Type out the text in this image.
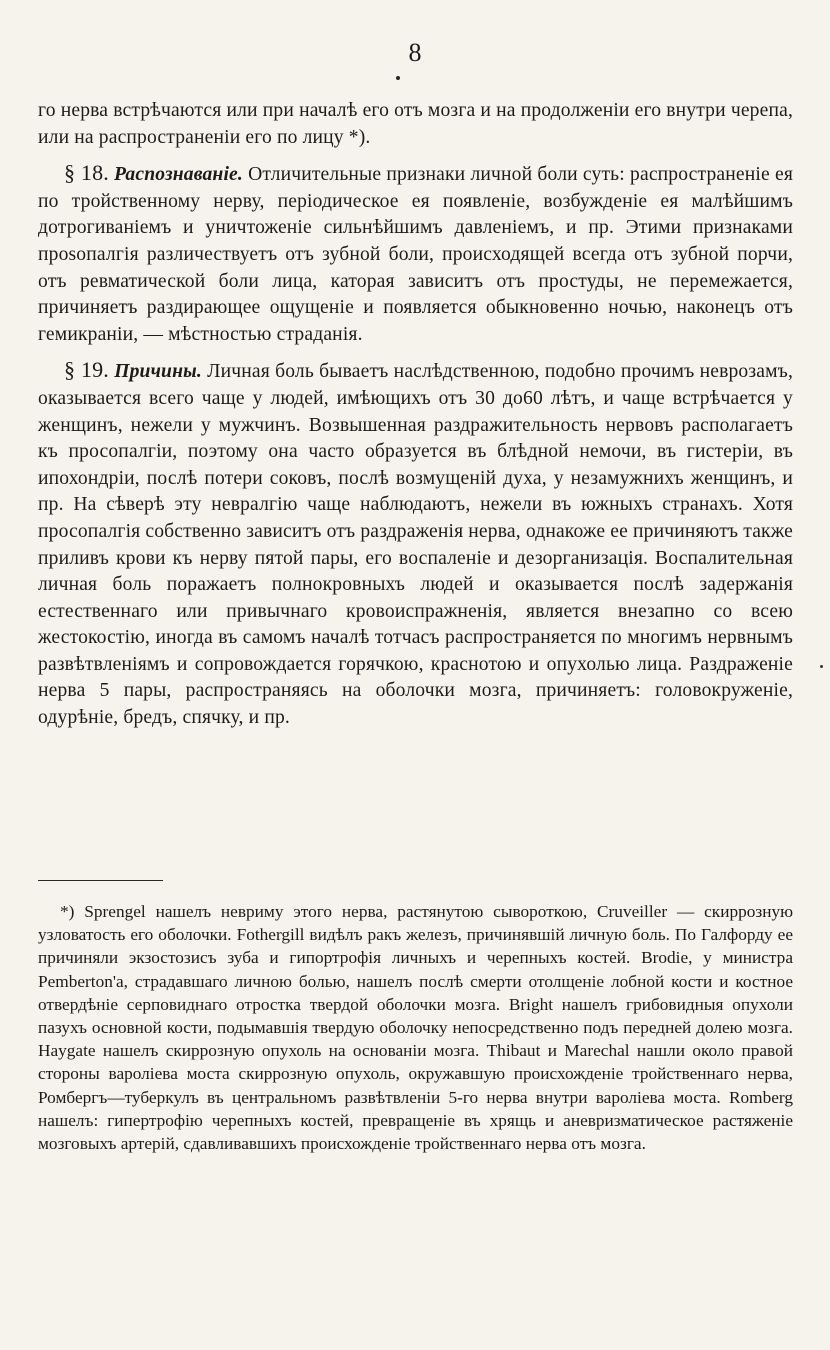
8

го нерва встрѣчаются или при началѣ его отъ мозга и на продолженіи его внутри черепа, или на распространеніи его по лицу *).

§ 18. Распознаваніе. Отличительные признаки личной боли суть: распространеніе ея по тройственному нерву, періодическое ея появленіе, возбужденіе ея малѣйшимъ дотрогиваніемъ и уничтоженіе сильнѣйшимъ давленіемъ, и пр. Этими признаками прosопалгія различествуетъ отъ зубной боли, происходящей всегда отъ зубной порчи, отъ ревматической боли лица, каторая зависитъ отъ простуды, не перемежается, причиняетъ раздирающее ощущеніе и появляется обыкновенно ночью, наконецъ отъ гемикраніи, — мѣстностью страданія.

§ 19. Причины. Личная боль бываетъ наслѣдственною, подобно прочимъ неврозамъ, оказывается всего чаще у людей, имѣющихъ отъ 30 до60 лѣтъ, и чаще встрѣчается у женщинъ, нежели у мужчинъ. Возвышенная раздражительность нервовъ располагаетъ къ просопалгіи, поэтому она часто образуется въ блѣдной немочи, въ гистеріи, въ ипохондріи, послѣ потери соковъ, послѣ возмущеній духа, у незамужнихъ женщинъ, и пр. На сѣверѣ эту невралгію чаще наблюдаютъ, нежели въ южныхъ странахъ. Хотя просопалгія собственно зависитъ отъ раздраженія нерва, однакоже ее причиняютъ также приливъ крови къ нерву пятой пары, его воспаленіе и дезорганизація. Воспалительная личная боль поражаетъ полнокровныхъ людей и оказывается послѣ задержанія естественнаго или привычнаго кровоиспражненія, является внезапно со всею жестокостію, иногда въ самомъ началѣ тотчасъ распространяется по многимъ нервнымъ развѣтвленіямъ и сопровождается горячкою, краснотою и опухолью лица. Раздраженіе нерва 5 пары, распространяясь на оболочки мозга, причиняетъ: головокруженіе, одурѣніе, бредъ, спячку, и пр.

*) Sprengel нашелъ невриму этого нерва, растянутою сывороткою, Cruveiller — скиррозную узловатость его оболочки. Fothergill видѣлъ ракъ железъ, причинявшій личную боль. По Галфорду ее причиняли экзостозисъ зуба и гипортрофія личныхъ и черепныхъ костей. Brodie, у министра Pemberton'a, страдавшаго личною болью, нашелъ послѣ смерти отолщеніе лобной кости и костное отвердѣніе серповиднаго отростка твердой оболочки мозга. Bright нашелъ грибовидныя опухоли пазухъ основной кости, подымавшія твердую оболочку непосредственно подъ передней долею мозга. Haygate нашелъ скиррозную опухоль на основаніи мозга. Thibaut и Marechal нашли около правой стороны вароліева моста скиррозную опухоль, окружавшую происхожденіе тройственнаго нерва, Ромбергъ—туберкулъ въ центральномъ развѣтвленіи 5-го нерва внутри вароліева моста. Romberg нашелъ: гипертрофію черепныхъ костей, превращеніе въ хрящь и аневризматическое растяженіе мозговыхъ артерій, сдавливавшихъ происхожденіе тройственнаго нерва отъ мозга.
